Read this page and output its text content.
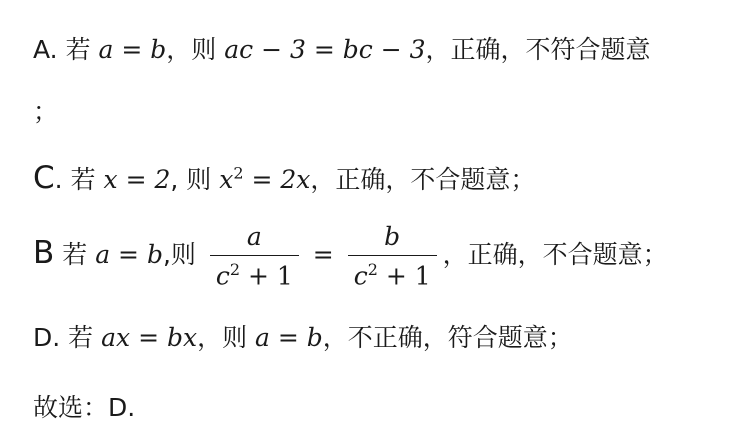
A. 若 a = b，则 ac − 3 = bc − 3，正确，不符合题意
；
C. 若 x = 2, 则 $x^2 = 2x$，正确，不合题意；
B 若 a = b,则 $\frac{a}{c^2 + 1} = \frac{b}{c^2 + 1}$ ，正确，不合题意；
D. 若 ax = bx，则 a = b，不正确，符合题意；
故选：D.
